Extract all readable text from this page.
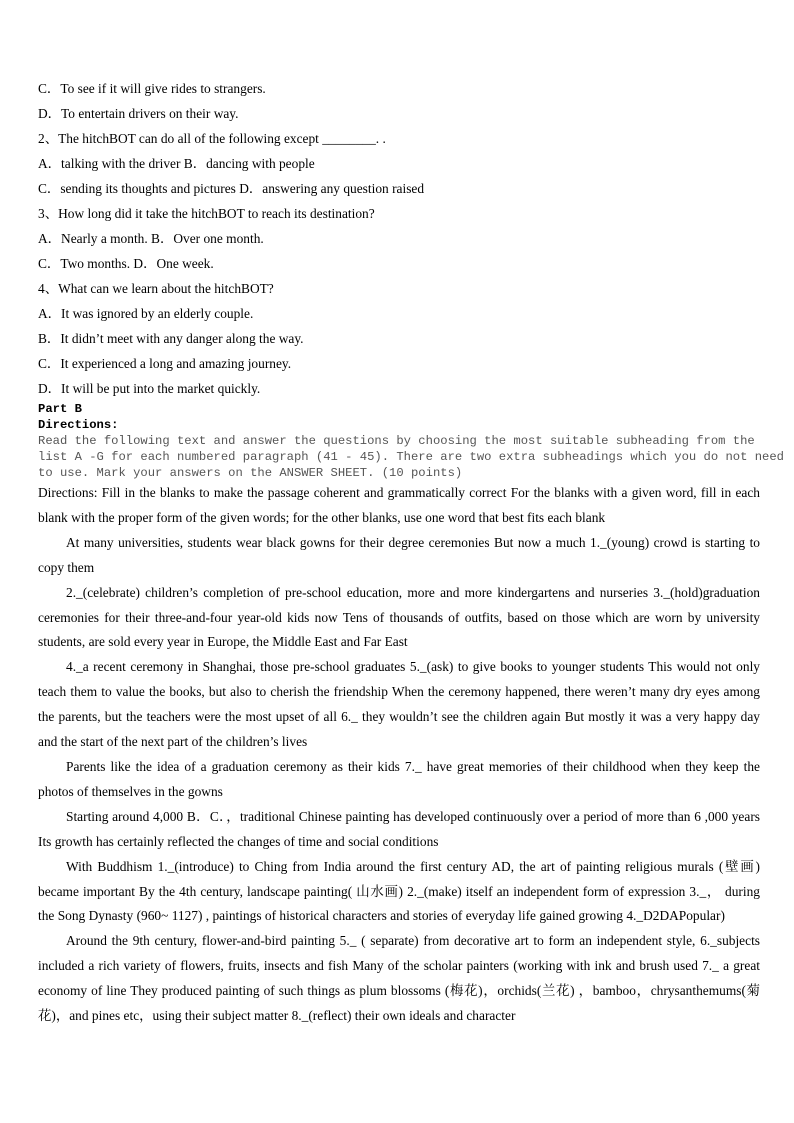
C．To see if it will give rides to strangers.
D．To entertain drivers on their way.
2、The hitchBOT can do all of the following except ________. .
A．talking with the driver B．dancing with people
C．sending its thoughts and pictures D．answering any question raised
3、How long did it take the hitchBOT to reach its destination?
A．Nearly a month. B．Over one month.
C．Two months. D．One week.
4、What can we learn about the hitchBOT?
A．It was ignored by an elderly couple.
B．It didn’t meet with any danger along the way.
C．It experienced a long and amazing journey.
D．It will be put into the market quickly.
Part B
Directions:
Read the following text and answer the questions by choosing the most suitable subheading from the
list A -G for each numbered paragraph (41 - 45). There are two extra subheadings which you do not need
to use. Mark your answers on the ANSWER SHEET. (10 points)
Directions: Fill in the blanks to make the passage coherent and grammatically correct For the blanks with a given word, fill in each blank with the proper form of the given words; for the other blanks, use one word that best fits each blank
At many universities, students wear black gowns for their degree ceremonies But now a much 1._(young) crowd is starting to copy them
2._(celebrate) children’s completion of pre-school education, more and more kindergartens and nurseries 3._(hold)graduation ceremonies for their three-and-four year-old kids now Tens of thousands of outfits, based on those which are worn by university students, are sold every year in Europe, the Middle East and Far East
4._a recent ceremony in Shanghai, those pre-school graduates 5._(ask) to give books to younger students This would not only teach them to value the books, but also to cherish the friendship When the ceremony happened, there weren’t many dry eyes among the parents, but the teachers were the most upset of all 6._ they wouldn’t see the children again But mostly it was a very happy day and the start of the next part of the children’s lives
Parents like the idea of a graduation ceremony as their kids 7._ have great memories of their childhood when they keep the photos of themselves in the gowns
Starting around 4,000 B．C．，traditional Chinese painting has developed continuously over a period of more than 6 ,000 years Its growth has certainly reflected the changes of time and social conditions
With Buddhism 1._(introduce) to Ching from India around the first century AD, the art of painting religious murals (壁画) became important By the 4th century, landscape painting( 山水画) 2._(make) itself an independent form of expression 3._， during the Song Dynasty (960~ 1127) , paintings of historical characters and stories of everyday life gained growing 4._D2DAPopular)
Around the 9th century, flower-and-bird painting 5._ ( separate) from decorative art to form an independent style, 6._subjects included a rich variety of flowers, fruits, insects and fish Many of the scholar painters (working with ink and brush used 7._ a great economy of line They produced painting of such things as plum blossoms (梅花)，orchids(兰花) ，bamboo，chrysanthemums(菊花)，and pines etc，using their subject matter 8._(reflect) their own ideals and character
